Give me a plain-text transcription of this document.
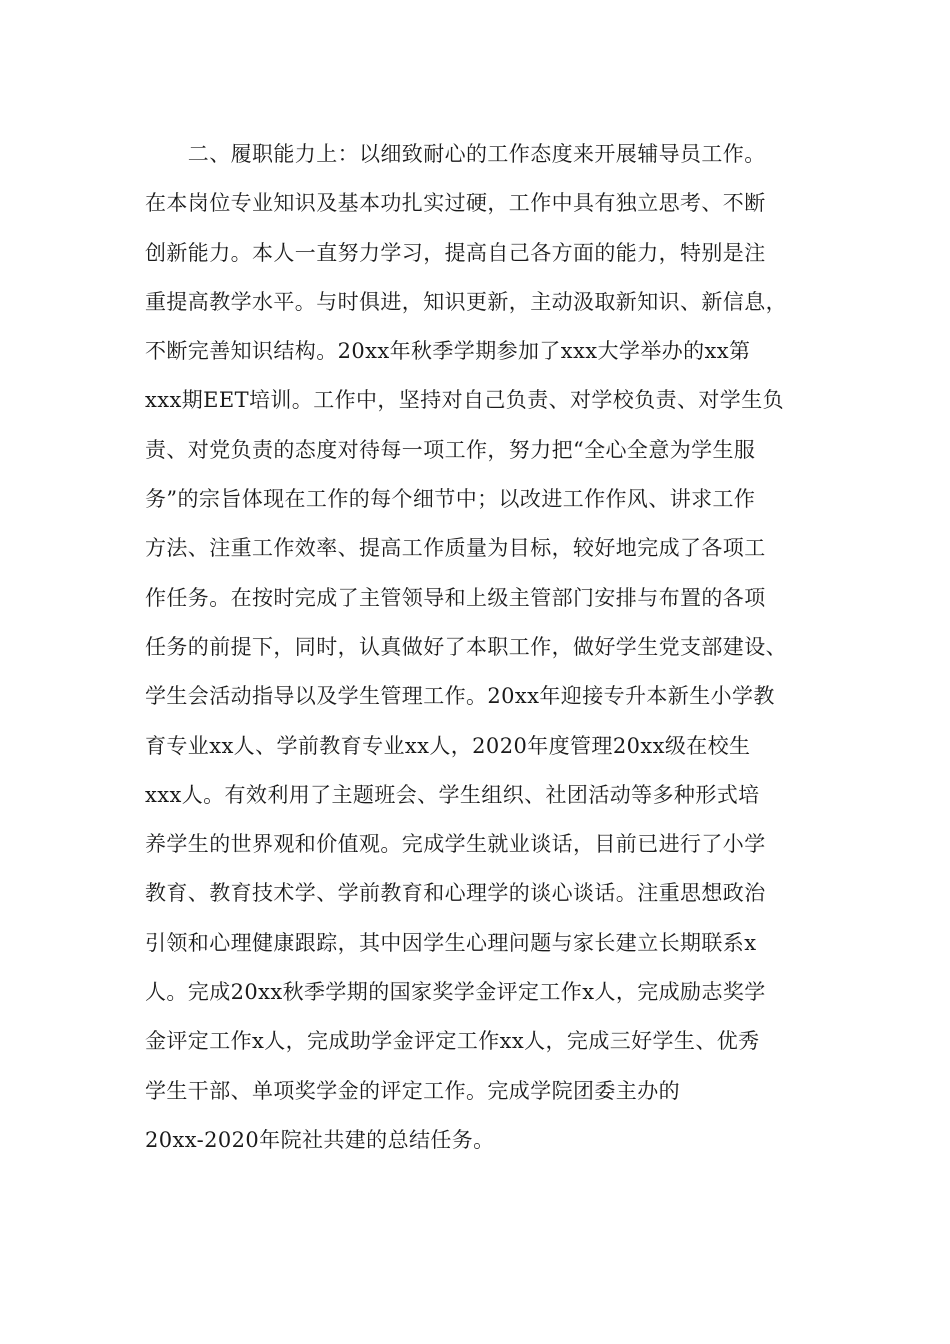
　　二、履职能力上：以细致耐心的工作态度来开展辅导员工作。
在本岗位专业知识及基本功扎实过硬，工作中具有独立思考、不断
创新能力。本人一直努力学习，提高自己各方面的能力，特别是注
重提高教学水平。与时俱进，知识更新，主动汲取新知识、新信息，
不断完善知识结构。20xx年秋季学期参加了xxx大学举办的xx第
xxx期EET培训。工作中，坚持对自己负责、对学校负责、对学生负
责、对党负责的态度对待每一项工作，努力把“全心全意为学生服
务”的宗旨体现在工作的每个细节中；以改进工作作风、讲求工作
方法、注重工作效率、提高工作质量为目标，较好地完成了各项工
作任务。在按时完成了主管领导和上级主管部门安排与布置的各项
任务的前提下，同时，认真做好了本职工作，做好学生党支部建设、
学生会活动指导以及学生管理工作。20xx年迎接专升本新生小学教
育专业xx人、学前教育专业xx人，2020年度管理20xx级在校生
xxx人。有效利用了主题班会、学生组织、社团活动等多种形式培
养学生的世界观和价值观。完成学生就业谈话，目前已进行了小学
教育、教育技术学、学前教育和心理学的谈心谈话。注重思想政治
引领和心理健康跟踪，其中因学生心理问题与家长建立长期联系x
人。完成20xx秋季学期的国家奖学金评定工作x人，完成励志奖学
金评定工作x人，完成助学金评定工作xx人，完成三好学生、优秀
学生干部、单项奖学金的评定工作。完成学院团委主办的
20xx-2020年院社共建的总结任务。
